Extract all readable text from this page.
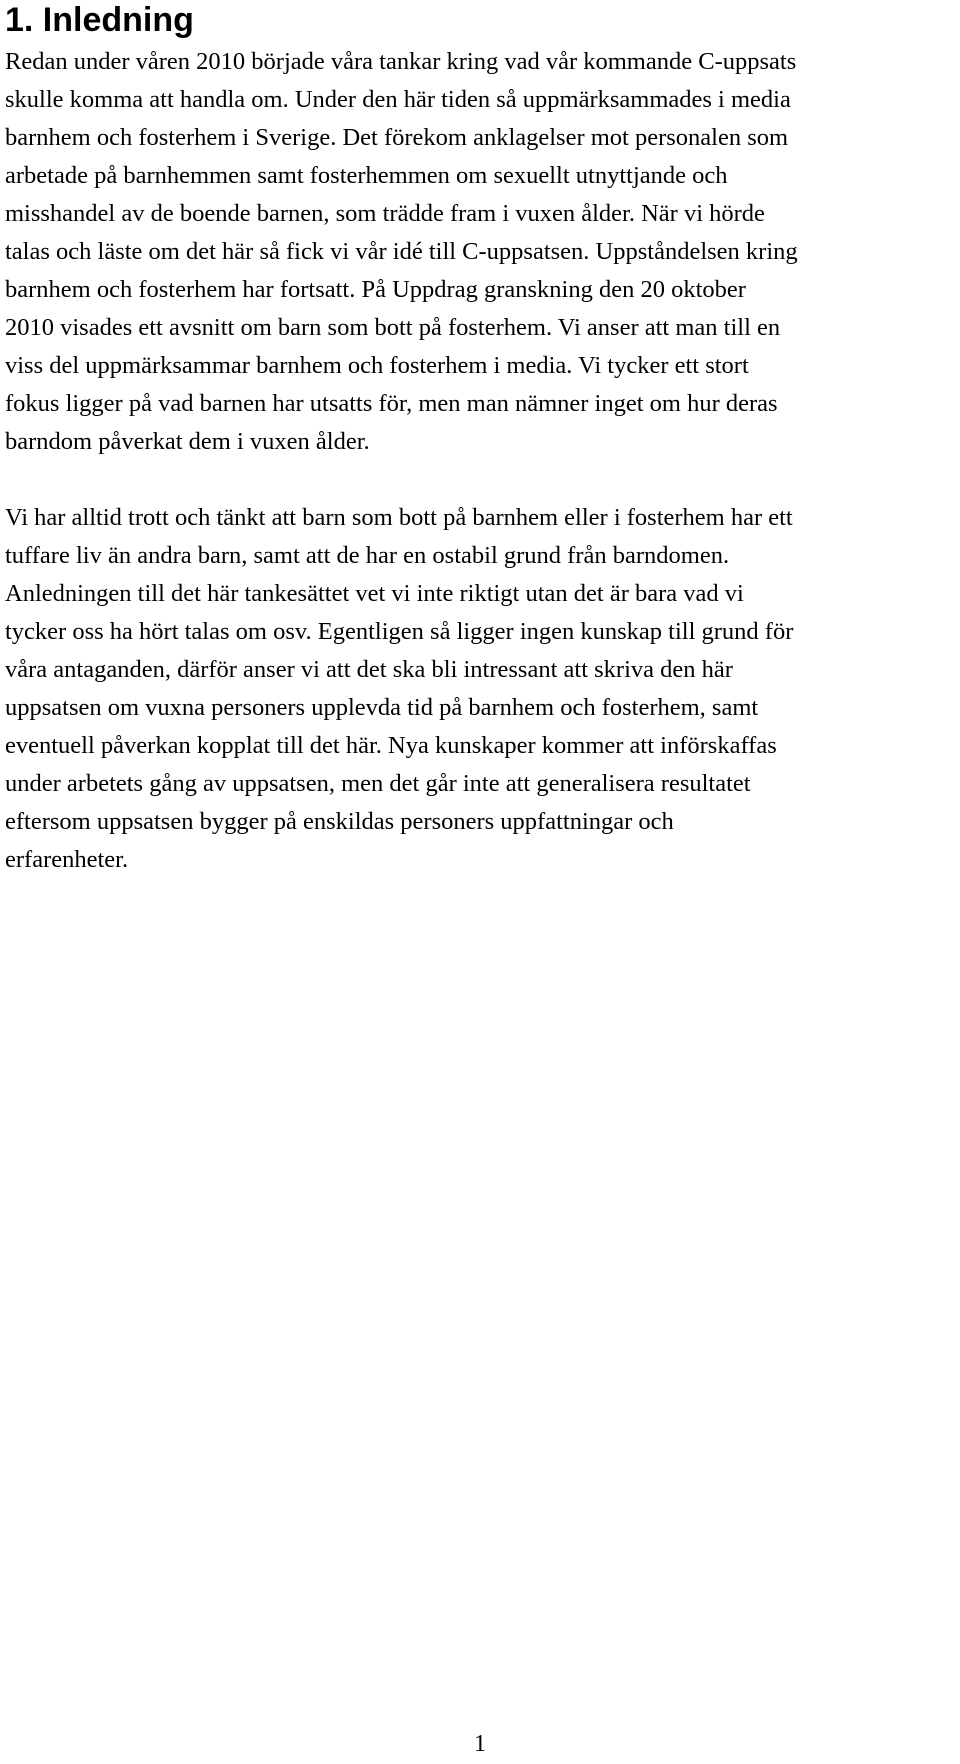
1. Inledning

Redan under våren 2010 började våra tankar kring vad vår kommande C-uppsats
skulle komma att handla om. Under den här tiden så uppmärksammades i media
barnhem och fosterhem i Sverige. Det förekom anklagelser mot personalen som
arbetade på barnhemmen samt fosterhemmen om sexuellt utnyttjande och
misshandel av de boende barnen, som trädde fram i vuxen ålder. När vi hörde
talas och läste om det här så fick vi vår idé till C-uppsatsen. Uppståndelsen kring
barnhem och fosterhem har fortsatt. På Uppdrag granskning den 20 oktober
2010 visades ett avsnitt om barn som bott på fosterhem. Vi anser att man till en
viss del uppmärksammar barnhem och fosterhem i media. Vi tycker ett stort
fokus ligger på vad barnen har utsatts för, men man nämner inget om hur deras
barndom påverkat dem i vuxen ålder.

Vi har alltid trott och tänkt att barn som bott på barnhem eller i fosterhem har ett
tuffare liv än andra barn, samt att de har en ostabil grund från barndomen.
Anledningen till det här tankesättet vet vi inte riktigt utan det är bara vad vi
tycker oss ha hört talas om osv. Egentligen så ligger ingen kunskap till grund för
våra antaganden, därför anser vi att det ska bli intressant att skriva den här
uppsatsen om vuxna personers upplevda tid på barnhem och fosterhem, samt
eventuell påverkan kopplat till det här. Nya kunskaper kommer att införskaffas
under arbetets gång av uppsatsen, men det går inte att generalisera resultatet
eftersom uppsatsen bygger på enskildas personers uppfattningar och
erfarenheter.

1
